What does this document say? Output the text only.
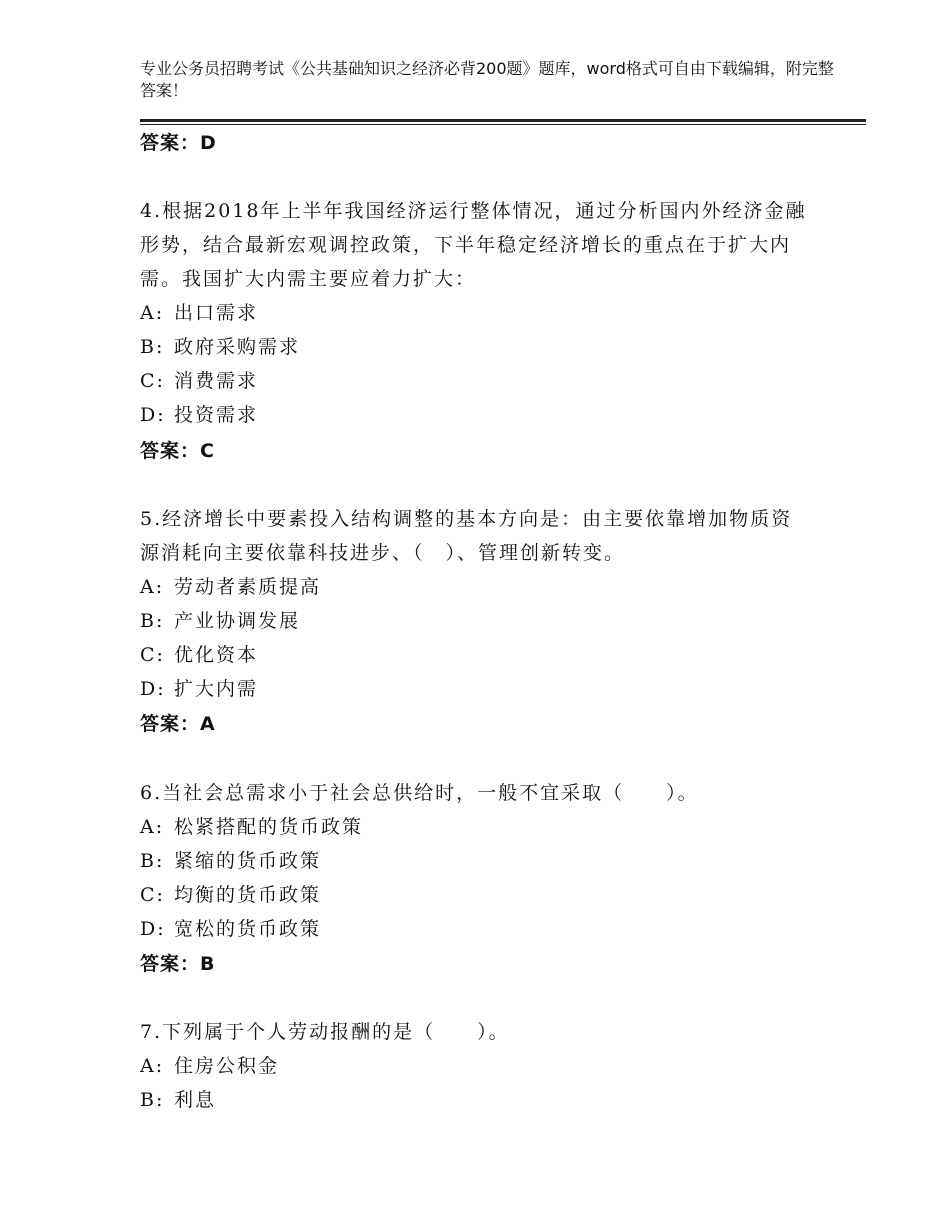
专业公务员招聘考试《公共基础知识之经济必背200题》题库，word格式可自由下载编辑，附完整答案！
答案：D
4.根据2018年上半年我国经济运行整体情况，通过分析国内外经济金融形势，结合最新宏观调控政策，下半年稳定经济增长的重点在于扩大内需。我国扩大内需主要应着力扩大：
A: 出口需求
B: 政府采购需求
C: 消费需求
D: 投资需求
答案：C
5.经济增长中要素投入结构调整的基本方向是：由主要依靠增加物质资源消耗向主要依靠科技进步、（　）、管理创新转变。
A: 劳动者素质提高
B: 产业协调发展
C: 优化资本
D: 扩大内需
答案：A
6.当社会总需求小于社会总供给时，一般不宜采取（　　）。
A: 松紧搭配的货币政策
B: 紧缩的货币政策
C: 均衡的货币政策
D: 宽松的货币政策
答案：B
7.下列属于个人劳动报酬的是（　　）。
A: 住房公积金
B: 利息
